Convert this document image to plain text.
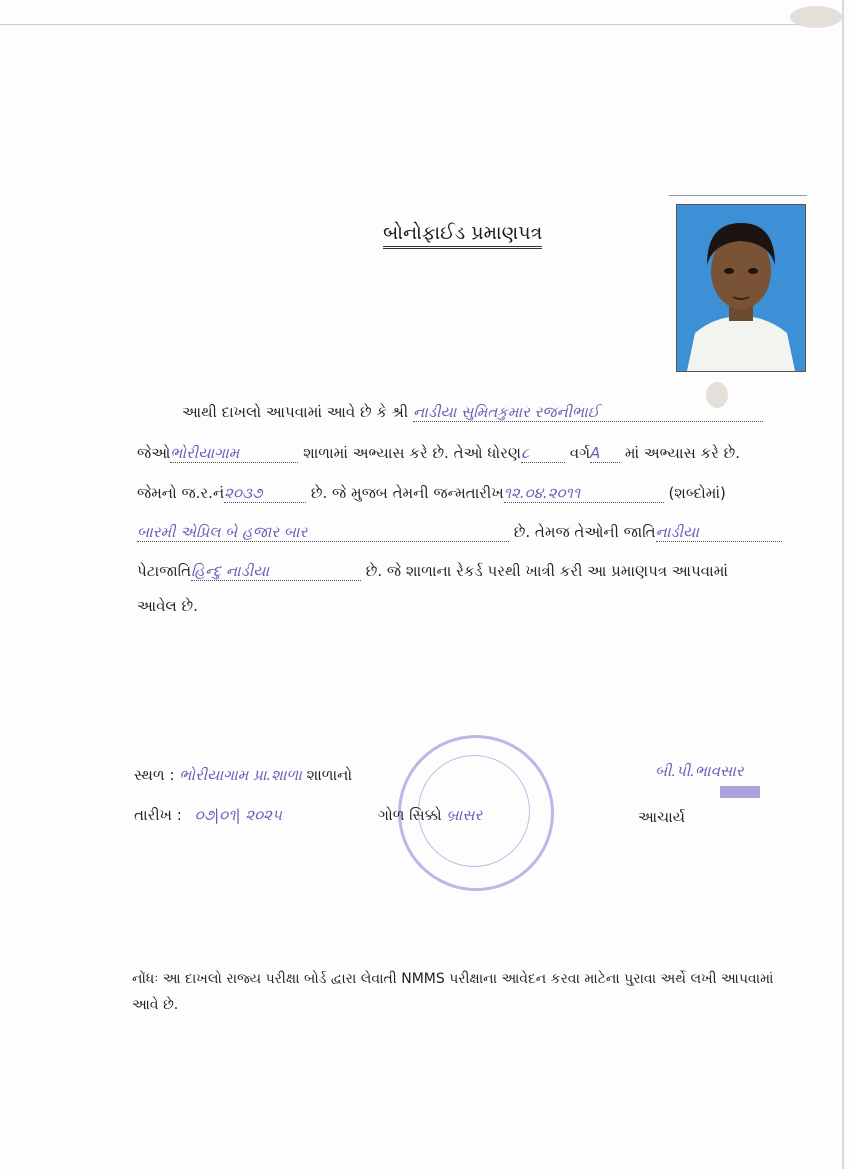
બોનોફાઈડ પ્રમાણપત્ર
આથી દાખલો આપવામાં આવે છે કે શ્રી નાડીયા સુમિતકુમાર રજનીભાઈ
જેઓભોરીયાગામ	શાળામાં અભ્યાસ કરે છે. તેઓ ધોરણ૮	વર્ગA માં અભ્યાસ કરે છે.
જેમનો જ.ર.નં૨૦૩૭	છે. જે મુજબ તેમની જન્મતારીખ૧૨.૦૪.૨૦૧૧	(શબ્દોમાં)
બારમી એપ્રિલ બે હજાર બાર	છે. તેમજ તેઓની જાતિનાડીયા
પેટાજાતિહિન્દુ નાડીયા	છે. જે શાળાના રેકર્ડ પરથી ખાત્રી કરી આ પ્રમાણપત્ર આપવામાં
આવેલ છે.
સ્થળ : ભોરીયાગામ પ્રા.શાળા શાળાનો
તારીખ : ૦૭|૦૧| ૨૦૨૫	ગોળ સિક્કો બ્રાસર
બી.પી.ભાવસાર
આચાર્ય
નોંધઃ આ દાખલો રાજ્ય પરીક્ષા બોર્ડ દ્વારા લેવાતી NMMS પરીક્ષાના આવેદન કરવા માટેના પુરાવા અર્થે લખી આપવામાં આવે છે.
